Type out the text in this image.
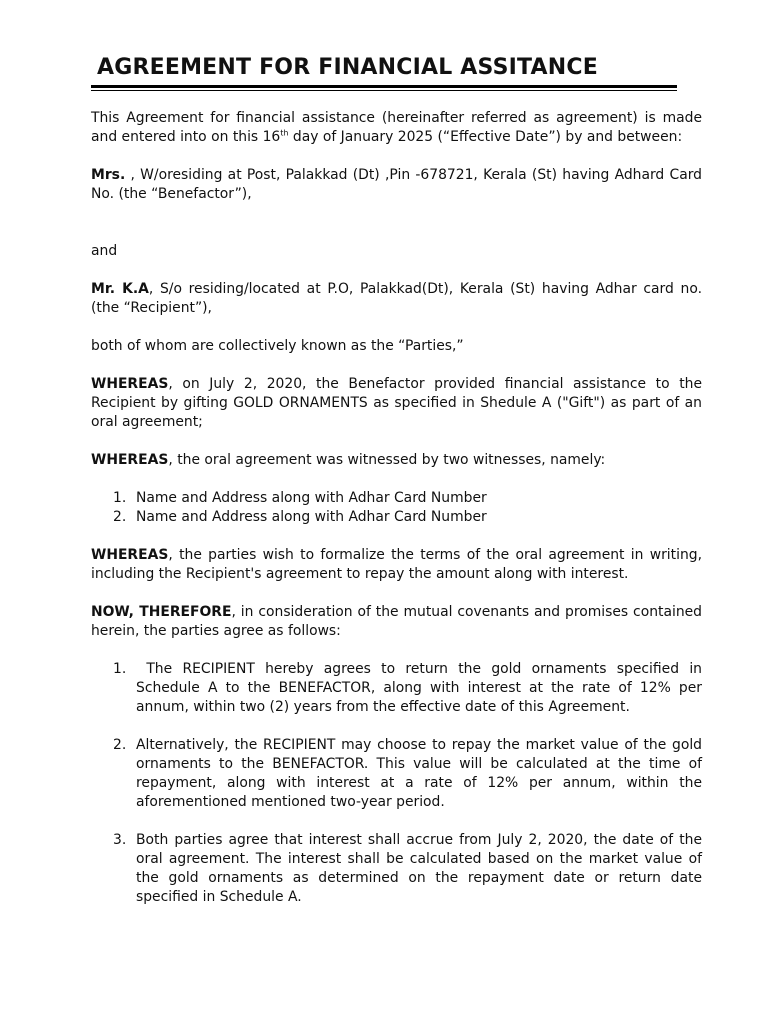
AGREEMENT FOR FINANCIAL ASSITANCE

This Agreement for financial assistance (hereinafter referred as agreement) is made and entered into on this 16th day of January 2025 (“Effective Date”) by and between:

Mrs. , W/oresiding at Post, Palakkad (Dt) ,Pin -678721, Kerala (St) having Adhard Card No. (the “Benefactor”),

and

Mr. K.A, S/o residing/located at P.O, Palakkad(Dt), Kerala (St) having Adhar card no. (the “Recipient”),

both of whom are collectively known as the “Parties,”

WHEREAS, on July 2, 2020, the Benefactor provided financial assistance to the Recipient by gifting GOLD ORNAMENTS as specified in Shedule A ("Gift") as part of an oral agreement;

WHEREAS, the oral agreement was witnessed by two witnesses, namely:

1. Name and Address along with Adhar Card Number
2. Name and Address along with Adhar Card Number

WHEREAS, the parties wish to formalize the terms of the oral agreement in writing, including the Recipient's agreement to repay the amount along with interest.

NOW, THEREFORE, in consideration of the mutual covenants and promises contained herein, the parties agree as follows:

1. The RECIPIENT hereby agrees to return the gold ornaments specified in Schedule A to the BENEFACTOR, along with interest at the rate of 12% per annum, within two (2) years from the effective date of this Agreement.
2. Alternatively, the RECIPIENT may choose to repay the market value of the gold ornaments to the BENEFACTOR. This value will be calculated at the time of repayment, along with interest at a rate of 12% per annum, within the aforementioned mentioned two-year period.
3. Both parties agree that interest shall accrue from July 2, 2020, the date of the oral agreement. The interest shall be calculated based on the market value of the gold ornaments as determined on the repayment date or return date specified in Schedule A.
